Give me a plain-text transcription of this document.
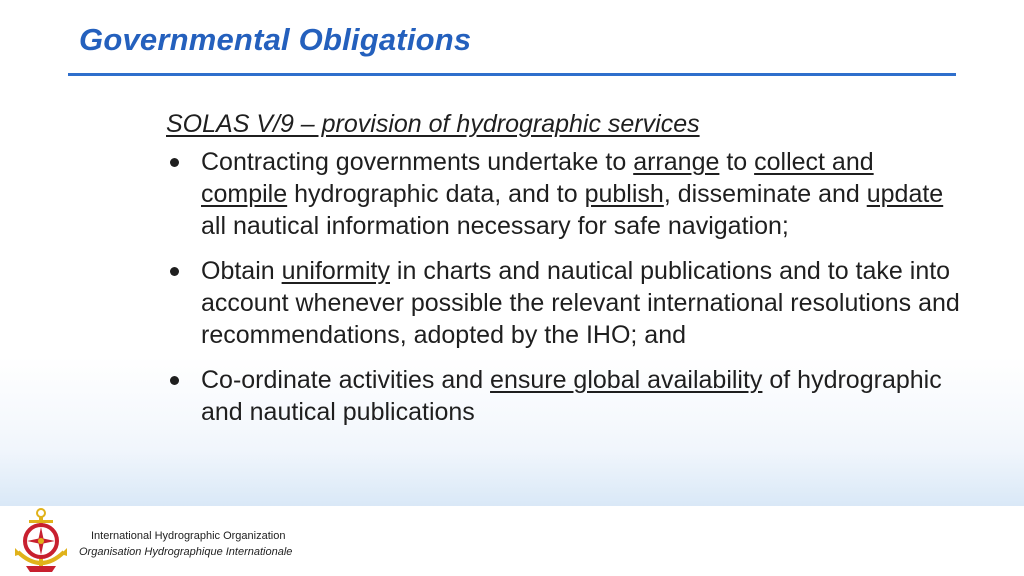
Governmental Obligations
SOLAS V/9 – provision of hydrographic services
Contracting governments undertake to arrange to collect and compile hydrographic data, and to publish, disseminate and update all nautical information necessary for safe navigation;
Obtain uniformity in charts and nautical publications and to take into account whenever possible the relevant international resolutions and recommendations, adopted by the IHO; and
Co-ordinate activities and ensure global availability of hydrographic and nautical publications
International Hydrographic Organization
Organisation Hydrographique Internationale
